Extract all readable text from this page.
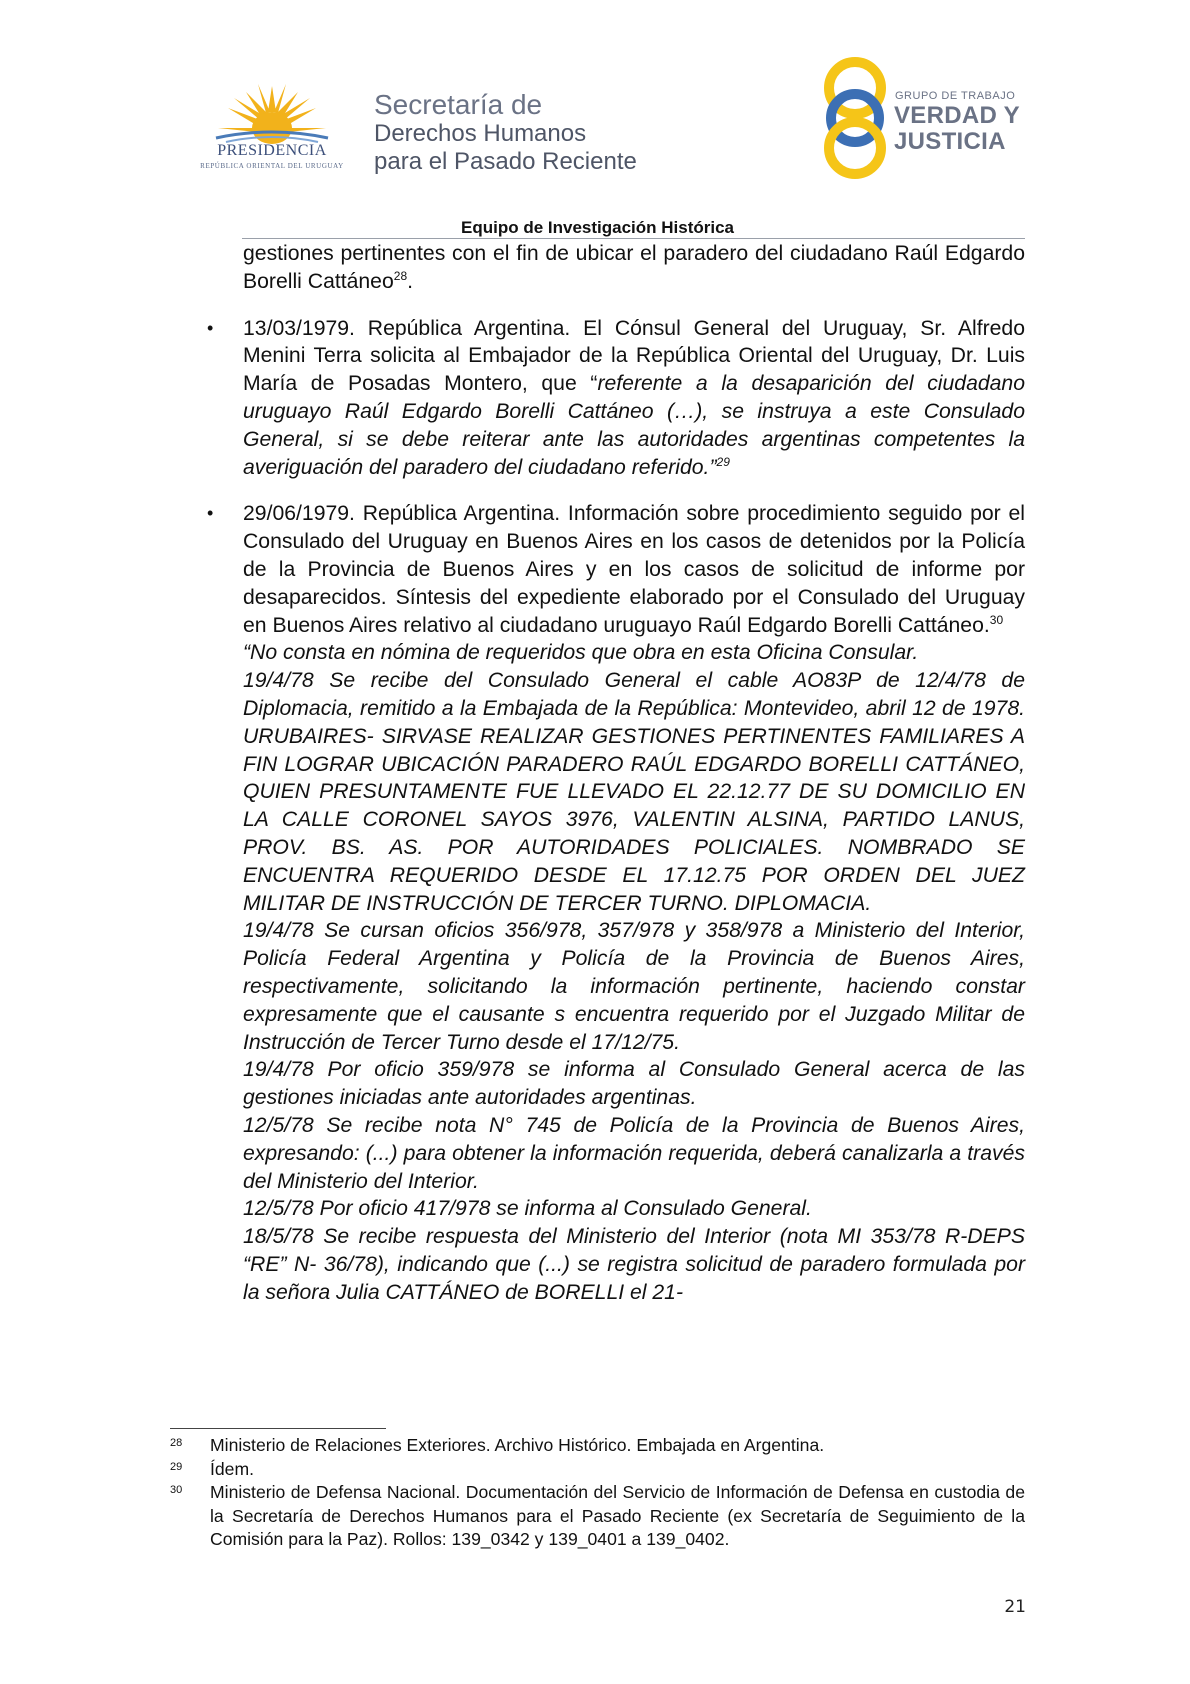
PRESIDENCIA
REPÚBLICA ORIENTAL DEL URUGUAY
Secretaría de
Derechos Humanos
para el Pasado Reciente
GRUPO DE TRABAJO
VERDAD Y
JUSTICIA
Equipo de Investigación Histórica

gestiones pertinentes con el fin de ubicar el paradero del ciudadano Raúl Edgardo Borelli Cattáneo$^{28}$.

• 13/03/1979. República Argentina. El Cónsul General del Uruguay, Sr. Alfredo Menini Terra solicita al Embajador de la República Oriental del Uruguay, Dr. Luis María de Posadas Montero, que “referente a la desaparición del ciudadano uruguayo Raúl Edgardo Borelli Cattáneo (…), se instruya a este Consulado General, si se debe reiterar ante las autoridades argentinas competentes la averiguación del paradero del ciudadano referido.”$^{29}$

• 29/06/1979. República Argentina. Información sobre procedimiento seguido por el Consulado del Uruguay en Buenos Aires en los casos de detenidos por la Policía de la Provincia de Buenos Aires y en los casos de solicitud de informe por desaparecidos. Síntesis del expediente elaborado por el Consulado del Uruguay en Buenos Aires relativo al ciudadano uruguayo Raúl Edgardo Borelli Cattáneo.$^{30}$

“No consta en nómina de requeridos que obra en esta Oficina Consular.

19/4/78 Se recibe del Consulado General el cable AO83P de 12/4/78 de Diplomacia, remitido a la Embajada de la República: Montevideo, abril 12 de 1978. URUBAIRES- SIRVASE REALIZAR GESTIONES PERTINENTES FAMILIARES A FIN LOGRAR UBICACIÓN PARADERO RAÚL EDGARDO BORELLI CATTÁNEO, QUIEN PRESUNTAMENTE FUE LLEVADO EL 22.12.77 DE SU DOMICILIO EN LA CALLE CORONEL SAYOS 3976, VALENTIN ALSINA, PARTIDO LANUS, PROV. BS. AS. POR AUTORIDADES POLICIALES. NOMBRADO SE ENCUENTRA REQUERIDO DESDE EL 17.12.75 POR ORDEN DEL JUEZ MILITAR DE INSTRUCCIÓN DE TERCER TURNO. DIPLOMACIA.

19/4/78 Se cursan oficios 356/978, 357/978 y 358/978 a Ministerio del Interior, Policía Federal Argentina y Policía de la Provincia de Buenos Aires, respectivamente, solicitando la información pertinente, haciendo constar expresamente que el causante s encuentra requerido por el Juzgado Militar de Instrucción de Tercer Turno desde el 17/12/75.

19/4/78 Por oficio 359/978 se informa al Consulado General acerca de las gestiones iniciadas ante autoridades argentinas.

12/5/78 Se recibe nota N° 745 de Policía de la Provincia de Buenos Aires, expresando: (...) para obtener la información requerida, deberá canalizarla a través del Ministerio del Interior.

12/5/78 Por oficio 417/978 se informa al Consulado General.

18/5/78 Se recibe respuesta del Ministerio del Interior (nota MI 353/78 R-DEPS “RE” N- 36/78), indicando que (...) se registra solicitud de paradero formulada por la señora Julia CATTÁNEO de BORELLI el 21-

28 Ministerio de Relaciones Exteriores. Archivo Histórico. Embajada en Argentina.

29 Ídem.

30 Ministerio de Defensa Nacional. Documentación del Servicio de Información de Defensa en custodia de la Secretaría de Derechos Humanos para el Pasado Reciente (ex Secretaría de Seguimiento de la Comisión para la Paz). Rollos: 139_0342 y 139_0401 a 139_0402.

21
